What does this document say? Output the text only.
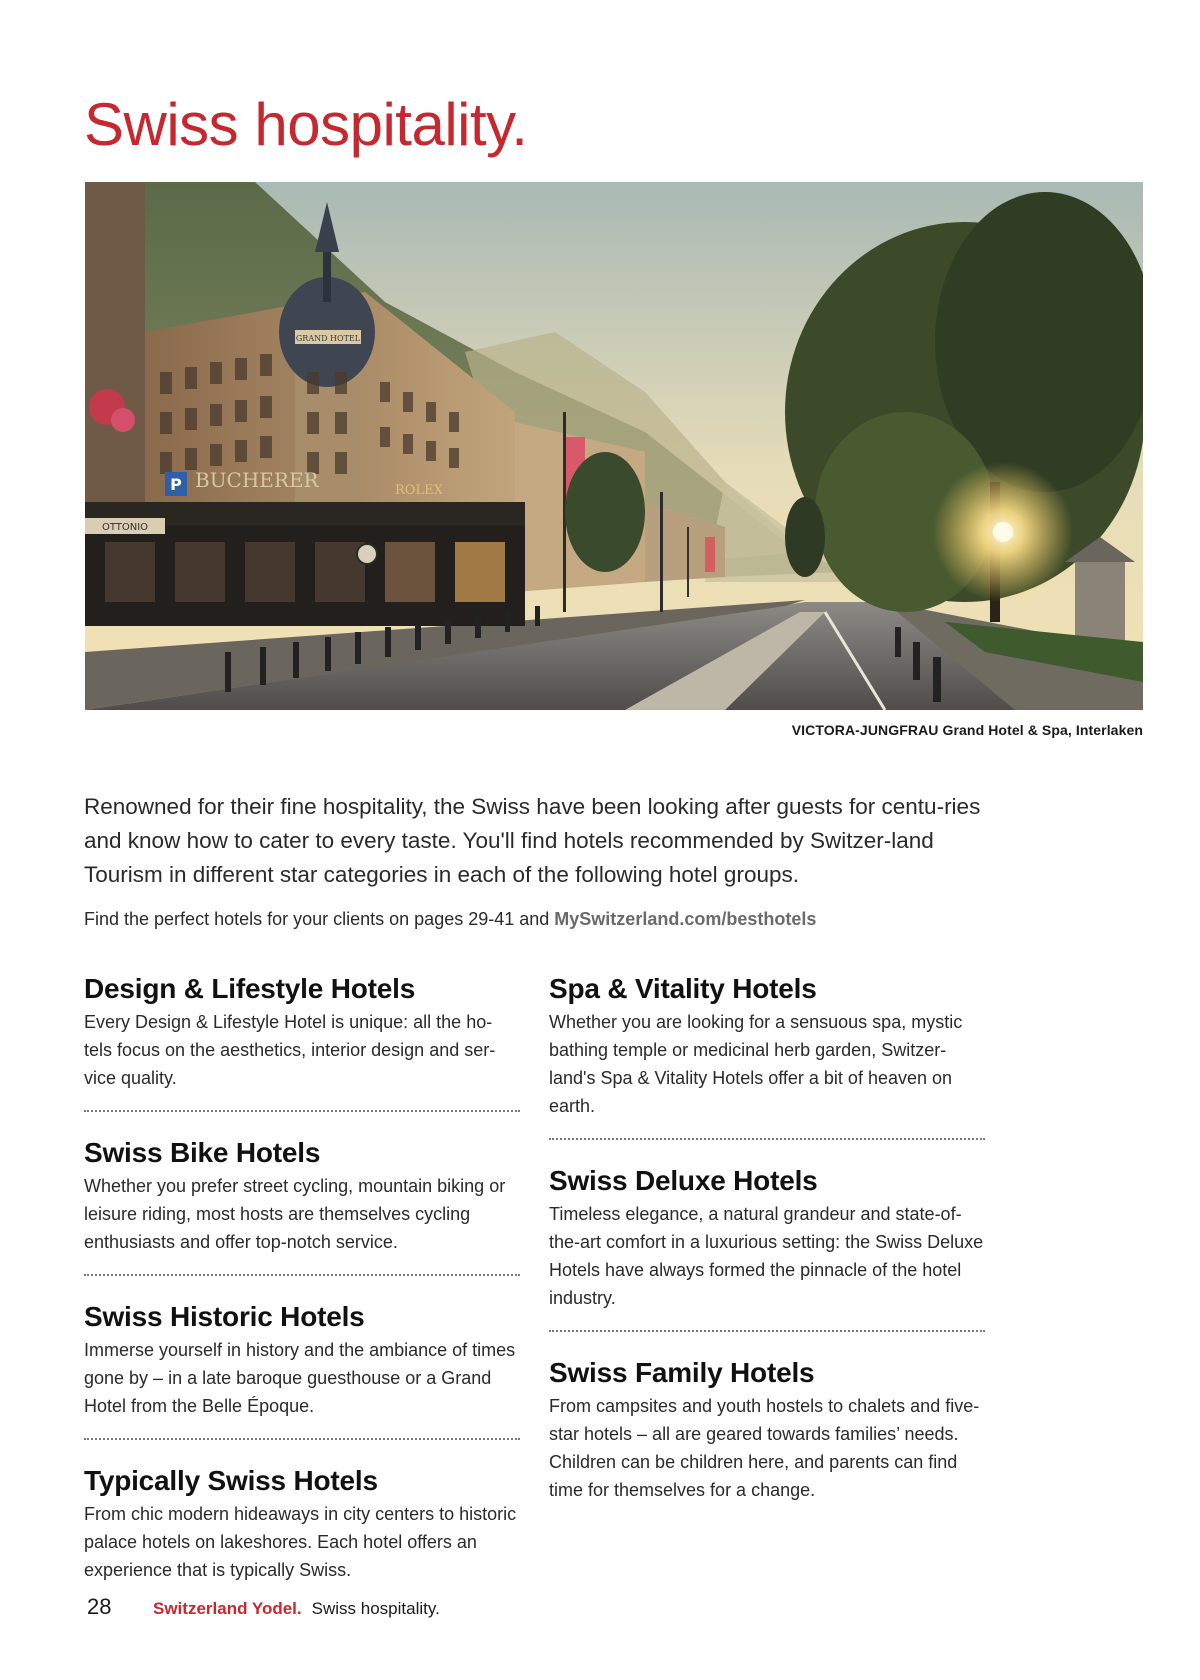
Swiss hospitality.
GRAND HOTEL
BUCHERER	ROLEX
P
OTTONIO
VICTORA-JUNGFRAU Grand Hotel & Spa, Interlaken

Renowned for their fine hospitality, the Swiss have been looking after guests for centu-ries and know how to cater to every taste. You'll find hotels recommended by Switzer-land Tourism in different star categories in each of the following hotel groups.

Find the perfect hotels for your clients on pages 29-41 and MySwitzerland.com/besthotels

Design & Lifestyle Hotels

Every Design & Lifestyle Hotel is unique: all the ho-tels focus on the aesthetics, interior design and ser-vice quality.

Swiss Bike Hotels

Whether you prefer street cycling, mountain biking or leisure riding, most hosts are themselves cycling enthusiasts and offer top-notch service.

Swiss Historic Hotels

Immerse yourself in history and the ambiance of times gone by – in a late baroque guesthouse or a Grand Hotel from the Belle Époque.

Typically Swiss Hotels

From chic modern hideaways in city centers to historic palace hotels on lakeshores. Each hotel offers an experience that is typically Swiss.

Spa & Vitality Hotels

Whether you are looking for a sensuous spa, mystic bathing temple or medicinal herb garden, Switzer-land's Spa & Vitality Hotels offer a bit of heaven on earth.

Swiss Deluxe Hotels

Timeless elegance, a natural grandeur and state-of-the-art comfort in a luxurious setting: the Swiss Deluxe Hotels have always formed the pinnacle of the hotel industry.

Swiss Family Hotels

From campsites and youth hostels to chalets and five-star hotels – all are geared towards families’ needs. Children can be children here, and parents can find time for themselves for a change.

28	Switzerland Yodel. Swiss hospitality.
